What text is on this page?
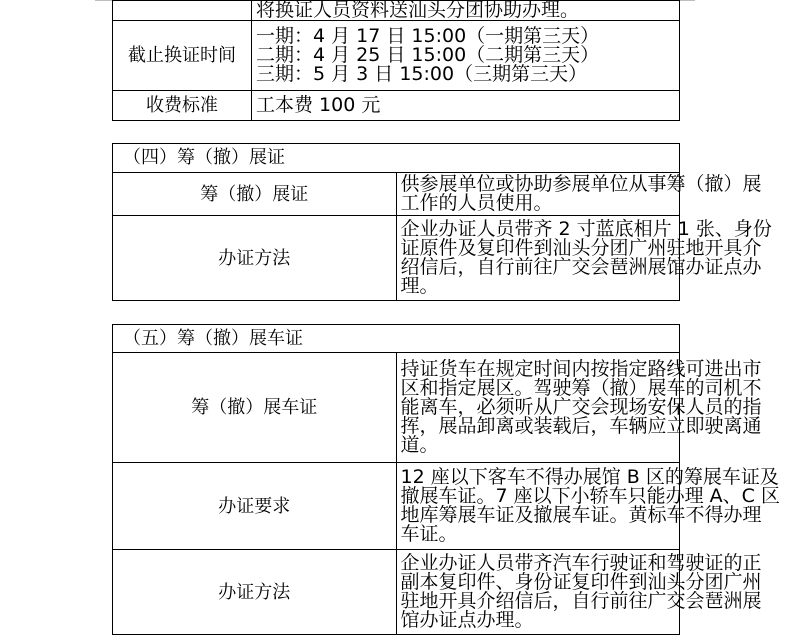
	将换证人员资料送汕头分团协助办理。

截止换证时间	一期：4 月 17 日 15:00（一期第三天）
二期：4 月 25 日 15:00（二期第三天）
三期：5 月 3 日 15:00（三期第三天）

收费标准	工本费 100 元
（四）筹（撤）展证	
筹（撤）展证	供参展单位或协助参展单位从事筹（撤）展
工作的人员使用。

办证方法	企业办证人员带齐 2 寸蓝底相片 1 张、身份
证原件及复印件到汕头分团广州驻地开具介
绍信后，自行前往广交会琶洲展馆办证点办
理。
（五）筹（撤）展车证	
筹（撤）展车证	持证货车在规定时间内按指定路线可进出市
区和指定展区。驾驶筹（撤）展车的司机不
能离车，必须听从广交会现场安保人员的指
挥，展品卸离或装载后，车辆应立即驶离通
道。

办证要求	12 座以下客车不得办展馆 B 区的筹展车证及
撤展车证。7 座以下小轿车只能办理 A、C 区
地库筹展车证及撤展车证。黄标车不得办理
车证。

办证方法	企业办证人员带齐汽车行驶证和驾驶证的正
副本复印件、身份证复印件到汕头分团广州
驻地开具介绍信后，自行前往广交会琶洲展
馆办证点办理。
